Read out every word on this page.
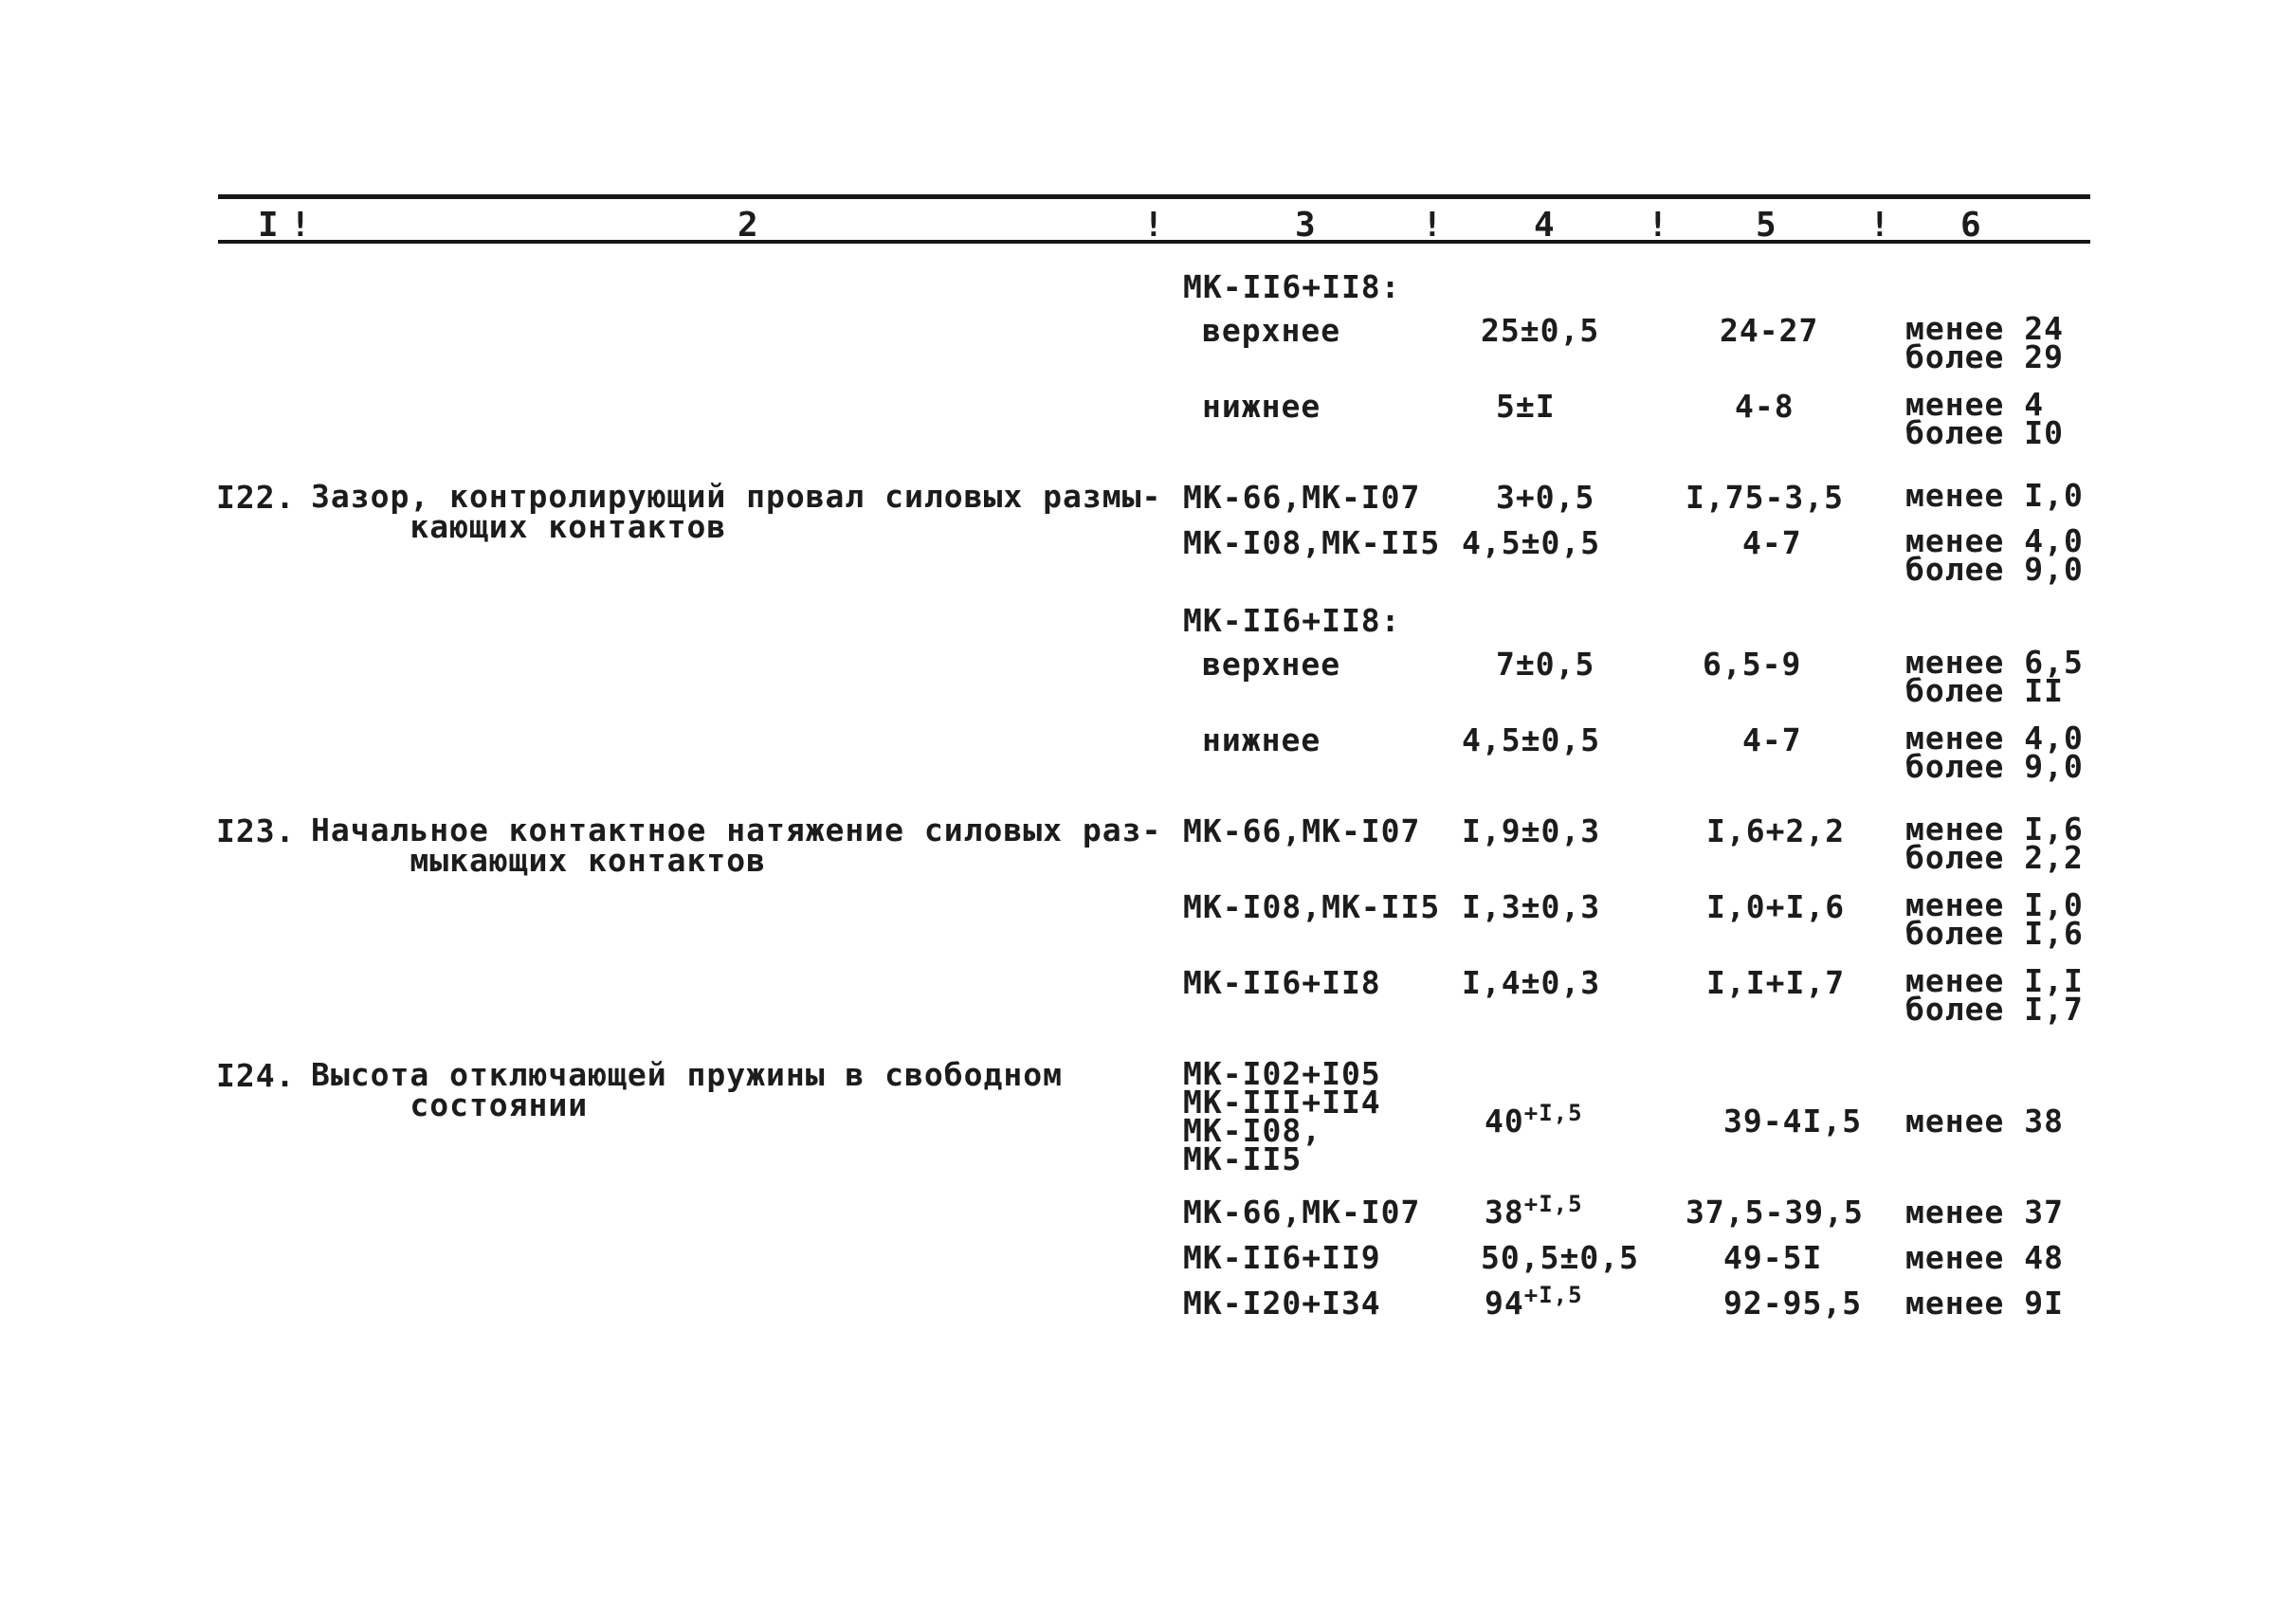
I !	2	!	3	!	4	!	5	! 6
МК-II6+II8:
верхнее	25±0,5	24-27	менее 24
более 29
нижнее	5±I	4-8	менее 4
более I0
I22. Зазор, контролирующий провал силовых размы-
кающих контактов
МК-66,МК-I07 3+0,5	I,75-3,5 менее I,0
МК-I08,МК-II5 4,5±0,5	4-7	менее 4,0
более 9,0
МК-II6+II8:
верхнее	7±0,5	6,5-9	менее 6,5
более II
нижнее	4,5±0,5	4-7	менее 4,0
более 9,0
I23. Начальное контактное натяжение силовых раз-
мыкающих контактов
МК-66,МК-I07 I,9±0,3	I,6+2,2 менее I,6
более 2,2
МК-I08,МК-II5 I,3±0,3	I,0+I,6 менее I,0
более I,6
МК-II6+II8	I,4±0,3	I,I+I,7 менее I,I
более I,7
I24. Высота отключающей пружины в свободном
состоянии
МК-I02+I05
МК-III+II4
МК-I08,
МК-II5
$40^{+I,5}$	39-4I,5 менее 38
МК-66,МК-I07 $38^{+I,5}$	37,5-39,5 менее 37
МК-II6+II9	50,5±0,5	49-5I	менее 48
МК-I20+I34	$94^{+I,5}$	92-95,5 менее 9I
